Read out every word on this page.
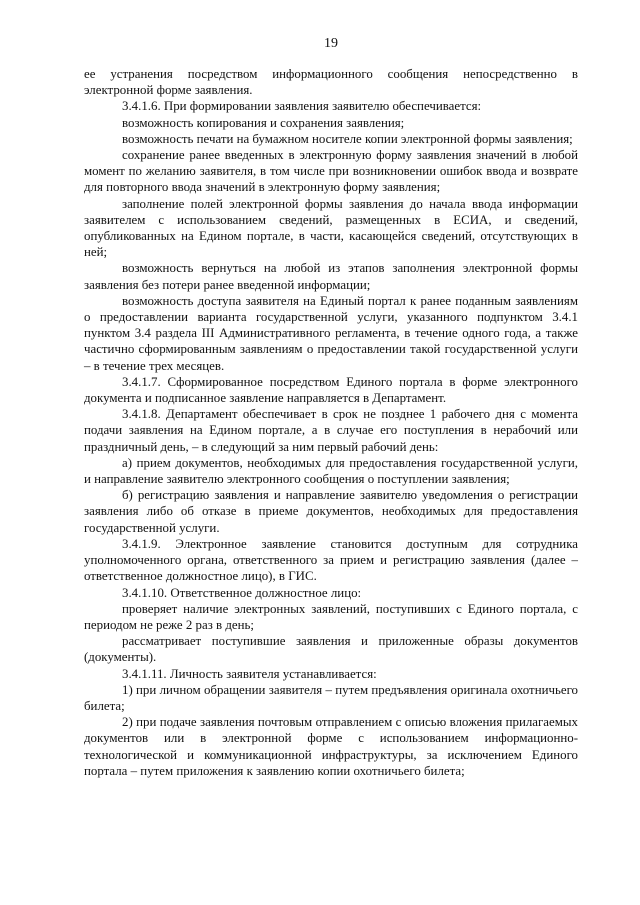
19

ее устранения посредством информационного сообщения непосредственно в электронной форме заявления.

3.4.1.6. При формировании заявления заявителю обеспечивается:

возможность копирования и сохранения заявления;

возможность печати на бумажном носителе копии электронной формы заявления;

сохранение ранее введенных в электронную форму заявления значений в любой момент по желанию заявителя, в том числе при возникновении ошибок ввода и возврате для повторного ввода значений в электронную форму заявления;

заполнение полей электронной формы заявления до начала ввода информации заявителем с использованием сведений, размещенных в ЕСИА, и сведений, опубликованных на Едином портале, в части, касающейся сведений, отсутствующих в ней;

возможность вернуться на любой из этапов заполнения электронной формы заявления без потери ранее введенной информации;

возможность доступа заявителя на Единый портал к ранее поданным заявлениям о предоставлении варианта государственной услуги, указанного подпунктом 3.4.1 пунктом 3.4 раздела III Административного регламента, в течение одного года, а также частично сформированным заявлениям о предоставлении такой государственной услуги – в течение трех месяцев.

3.4.1.7. Сформированное посредством Единого портала в форме электронного документа и подписанное заявление направляется в Департамент.

3.4.1.8. Департамент обеспечивает в срок не позднее 1 рабочего дня с момента подачи заявления на Едином портале, а в случае его поступления в нерабочий или праздничный день, – в следующий за ним первый рабочий день:

а) прием документов, необходимых для предоставления государственной услуги, и направление заявителю электронного сообщения о поступлении заявления;

б) регистрацию заявления и направление заявителю уведомления о регистрации заявления либо об отказе в приеме документов, необходимых для предоставления государственной услуги.

3.4.1.9. Электронное заявление становится доступным для сотрудника уполномоченного органа, ответственного за прием и регистрацию заявления (далее – ответственное должностное лицо), в ГИС.

3.4.1.10. Ответственное должностное лицо:

проверяет наличие электронных заявлений, поступивших с Единого портала, с периодом не реже 2 раз в день;

рассматривает поступившие заявления и приложенные образы документов (документы).

3.4.1.11. Личность заявителя устанавливается:

1) при личном обращении заявителя – путем предъявления оригинала охотничьего билета;

2) при подаче заявления почтовым отправлением с описью вложения прилагаемых документов или в электронной форме с использованием информационно-технологической и коммуникационной инфраструктуры, за исключением Единого портала – путем приложения к заявлению копии охотничьего билета;
